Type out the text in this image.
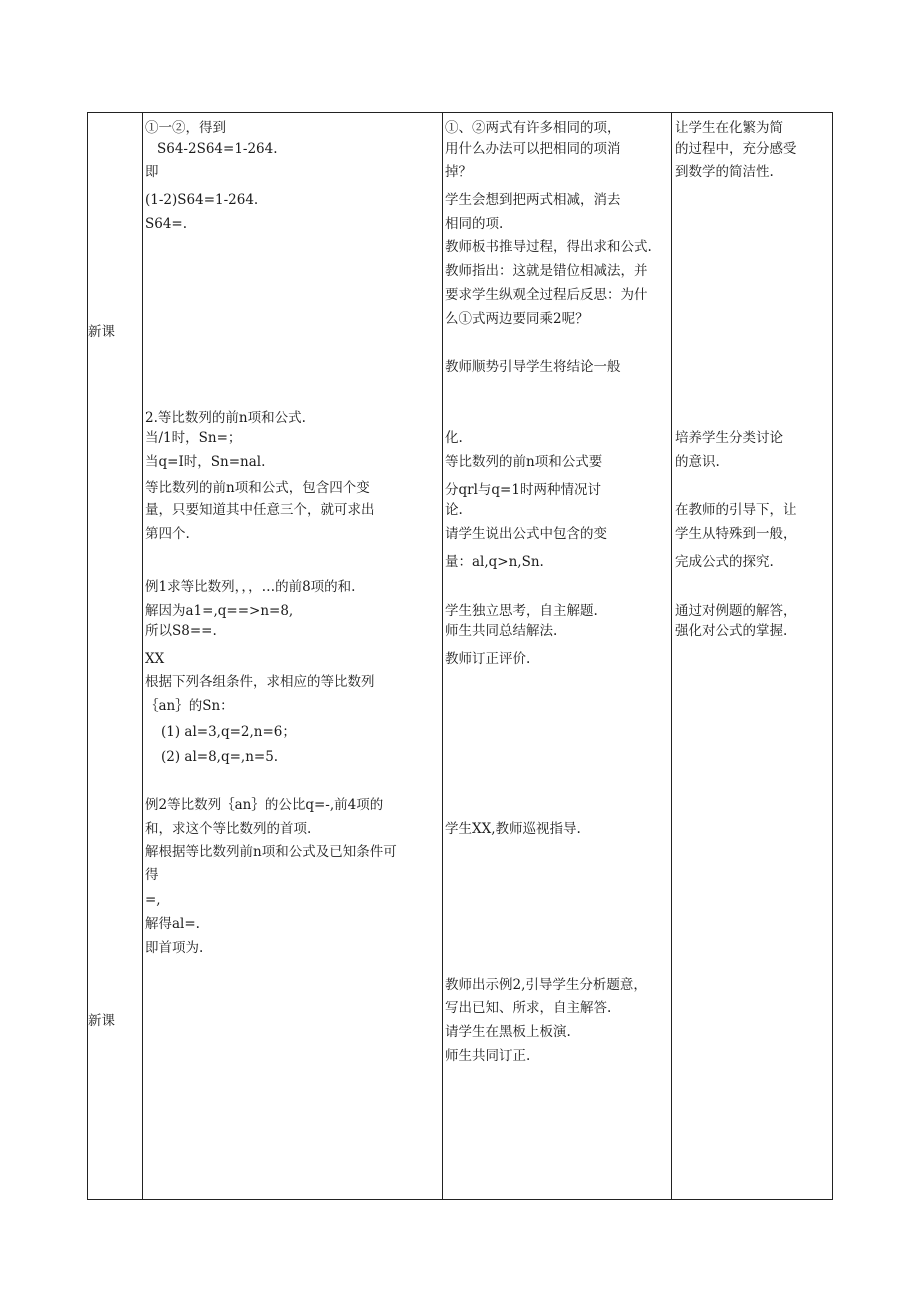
新课
新课
①一②，得到
S64-2S64=1-264.
即
(1-2)S64=1-264.
S64=.
2.等比数列的前n项和公式.
当/1时，Sn=；
当q=I时，Sn=nal.
等比数列的前n项和公式，包含四个变
量，只要知道其中任意三个，就可求出
第四个.
例1求等比数列，，，…的前8项的和.
解因为a1=,q==>n=8,
所以S8==.
XX
根据下列各组条件，求相应的等比数列
｛an｝的Sn：
(1) al=3,q=2,n=6；
(2) al=8,q=,n=5.
例2等比数列｛an｝的公比q=-,前4项的
和，求这个等比数列的首项.
解根据等比数列前n项和公式及已知条件可
得
=,
解得al=.
即首项为.
①、②两式有许多相同的项，
用什么办法可以把相同的项消
掉？
学生会想到把两式相减，消去
相同的项.
教师板书推导过程，得出求和公式.
教师指出：这就是错位相减法，并
要求学生纵观全过程后反思：为什
么①式两边要同乘2呢？
教师顺势引导学生将结论一般
化.
等比数列的前n项和公式要
分qrl与q=1时两种情况讨
论.
请学生说出公式中包含的变
量：al,q>n,Sn.
学生独立思考，自主解题.
师生共同总结解法.
教师订正评价.
学生XX,教师巡视指导.
教师出示例2,引导学生分析题意，
写出已知、所求，自主解答.
请学生在黑板上板演.
师生共同订正.
让学生在化繁为简
的过程中，充分感受
到数学的简洁性.
培养学生分类讨论
的意识.
在教师的引导下，让
学生从特殊到一般，
完成公式的探究.
通过对例题的解答，
强化对公式的掌握.
